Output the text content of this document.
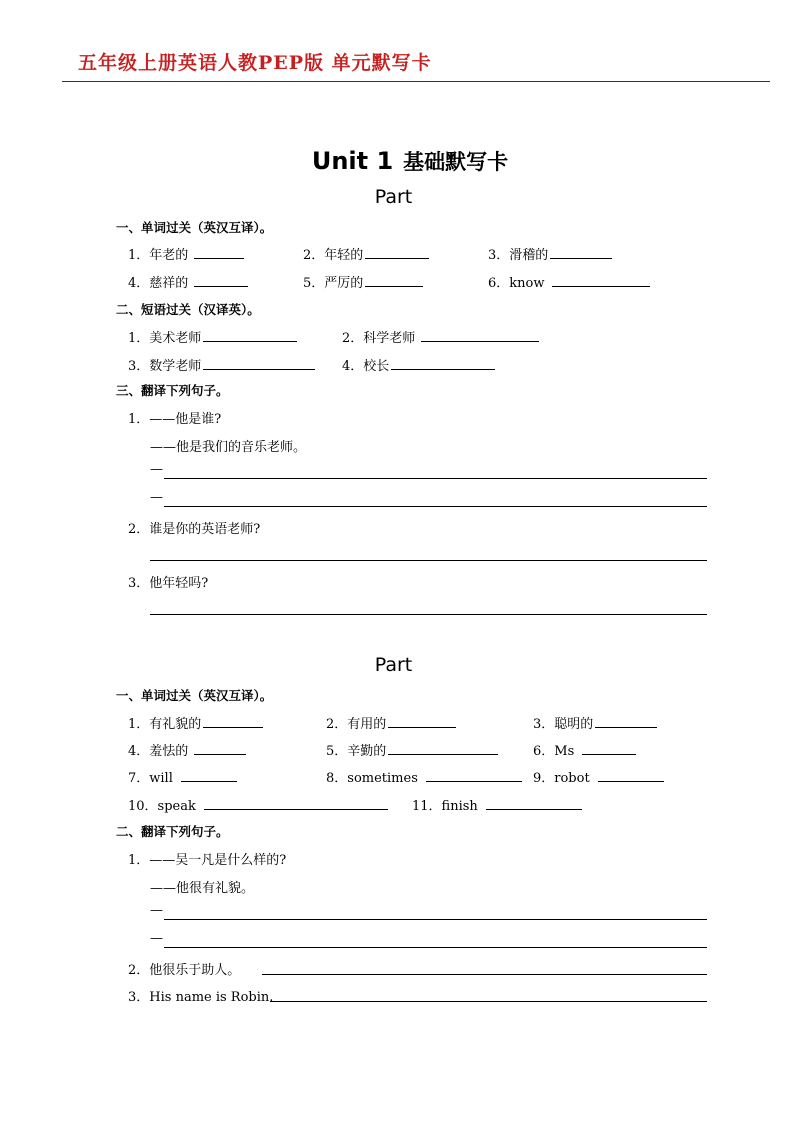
五年级上册英语人教PEP版 单元默写卡
Unit 1 基础默写卡
Part
一、单词过关（英汉互译）。
1．年老的	2．年轻的	3．滑稽的
4．慈祥的	5．严厉的	6．know
二、短语过关（汉译英）。
1．美术老师	2．科学老师
3．数学老师	4．校长
三、翻译下列句子。
1．——他是谁?
——他是我们的音乐老师。
—
—
2．谁是你的英语老师?
3．他年轻吗?
Part
一、单词过关（英汉互译）。
1．有礼貌的	2．有用的	3．聪明的
4．羞怯的	5．辛勤的	6．Ms
7．will	8．sometimes	9．robot
10．speak	11．finish
二、翻译下列句子。
1．——吴一凡是什么样的?
——他很有礼貌。
—
—
2．他很乐于助人。
3．His name is Robin.
